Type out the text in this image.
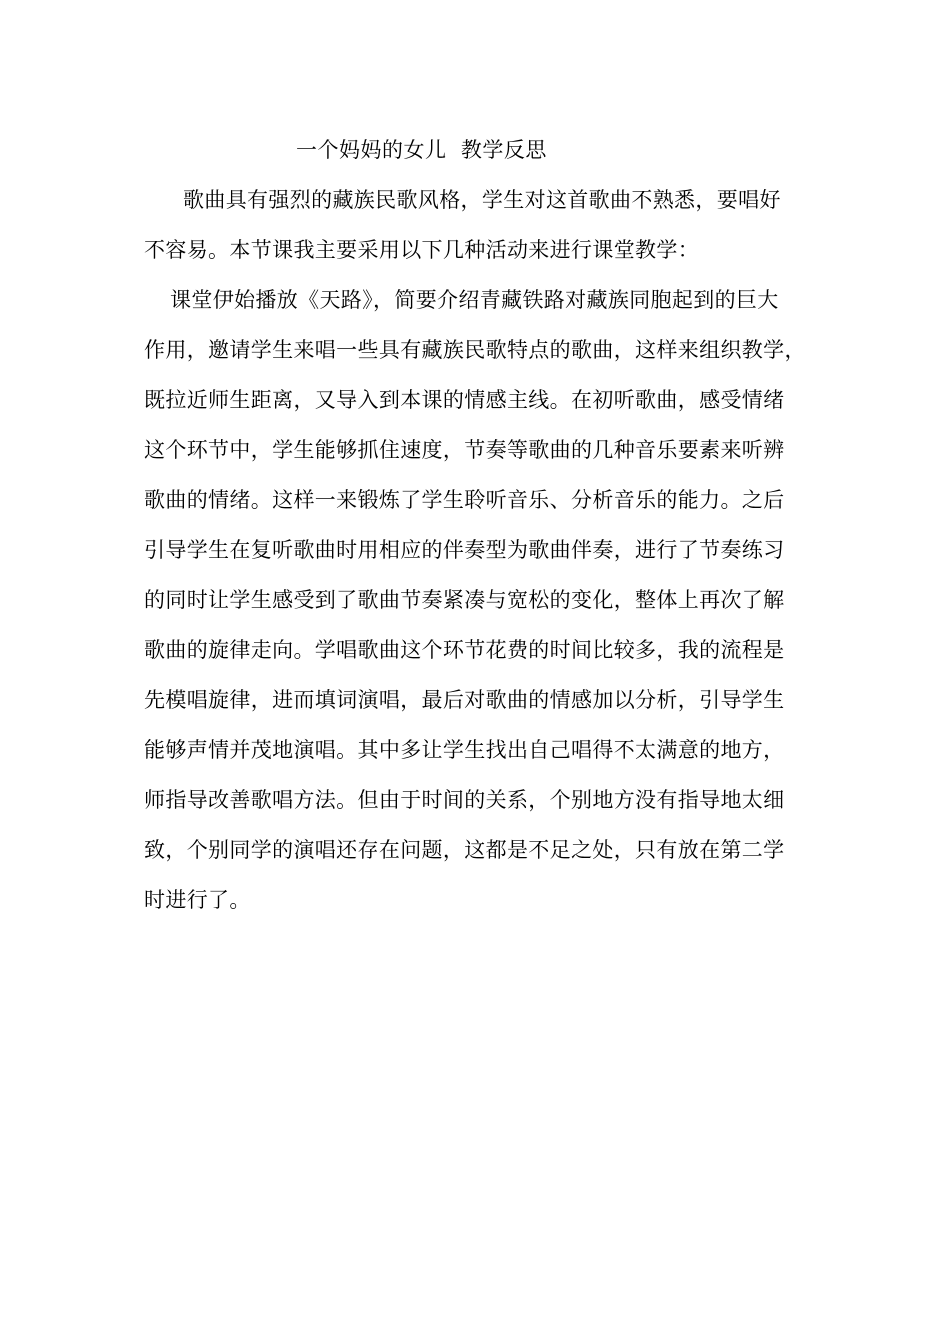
一个妈妈的女儿  教学反思
歌曲具有强烈的藏族民歌风格，学生对这首歌曲不熟悉，要唱好
不容易。本节课我主要采用以下几种活动来进行课堂教学：
课堂伊始播放《天路》，简要介绍青藏铁路对藏族同胞起到的巨大
作用，邀请学生来唱一些具有藏族民歌特点的歌曲，这样来组织教学，
既拉近师生距离，又导入到本课的情感主线。在初听歌曲，感受情绪
这个环节中，学生能够抓住速度，节奏等歌曲的几种音乐要素来听辨
歌曲的情绪。这样一来锻炼了学生聆听音乐、分析音乐的能力。之后
引导学生在复听歌曲时用相应的伴奏型为歌曲伴奏，进行了节奏练习
的同时让学生感受到了歌曲节奏紧凑与宽松的变化，整体上再次了解
歌曲的旋律走向。学唱歌曲这个环节花费的时间比较多，我的流程是
先模唱旋律，进而填词演唱，最后对歌曲的情感加以分析，引导学生
能够声情并茂地演唱。其中多让学生找出自己唱得不太满意的地方，
师指导改善歌唱方法。但由于时间的关系，个别地方没有指导地太细
致，个别同学的演唱还存在问题，这都是不足之处，只有放在第二学
时进行了。
